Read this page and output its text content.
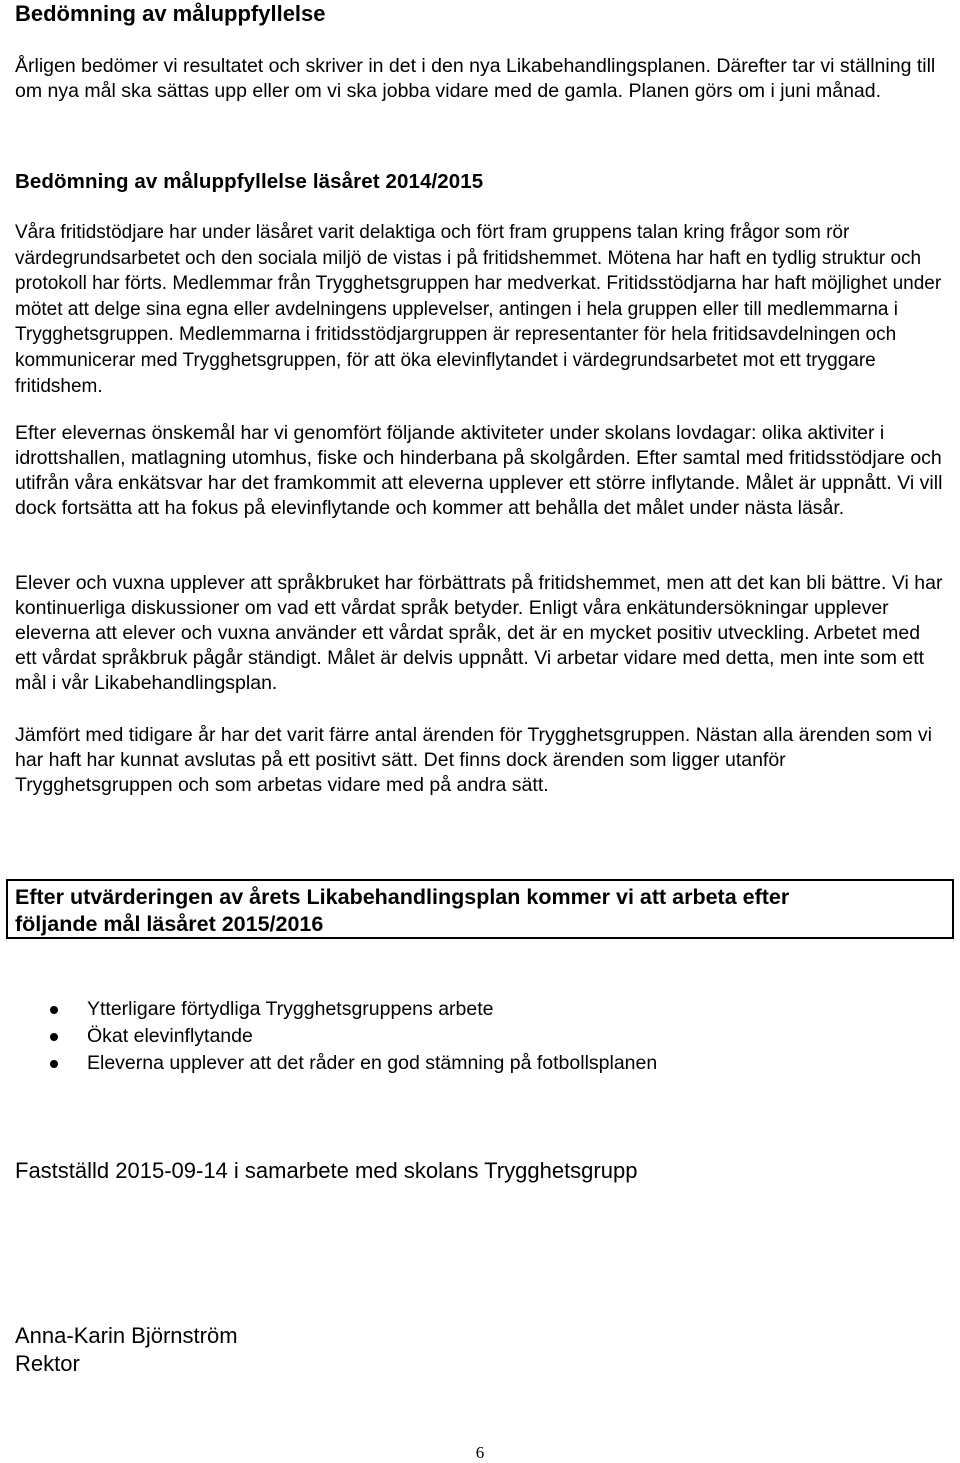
Bedömning av måluppfyllelse

Årligen bedömer vi resultatet och skriver in det i den nya Likabehandlingsplanen. Därefter tar vi ställning till om nya mål ska sättas upp eller om vi ska jobba vidare med de gamla. Planen görs om i juni månad.

Bedömning av måluppfyllelse läsåret 2014/2015

Våra fritidstödjare har under läsåret varit delaktiga och fört fram gruppens talan kring frågor som rör värdegrundsarbetet och den sociala miljö de vistas i på fritidshemmet. Mötena har haft en tydlig struktur och protokoll har förts. Medlemmar från Trygghetsgruppen har medverkat. Fritidsstödjarna har haft möjlighet under mötet att delge sina egna eller avdelningens upplevelser, antingen i hela gruppen eller till medlemmarna i Trygghetsgruppen. Medlemmarna i fritidsstödjargruppen är representanter för hela fritidsavdelningen och kommunicerar med Trygghetsgruppen, för att öka elevinflytandet i värdegrundsarbetet mot ett tryggare fritidshem.

Efter elevernas önskemål har vi genomfört följande aktiviteter under skolans lovdagar: olika aktiviter i idrottshallen, matlagning utomhus, fiske och hinderbana på skolgården. Efter samtal med fritidsstödjare och utifrån våra enkätsvar har det framkommit att eleverna upplever ett större inflytande. Målet är uppnått. Vi vill dock fortsätta att ha fokus på elevinflytande och kommer att behålla det målet under nästa läsår.

Elever och vuxna upplever att språkbruket har förbättrats på fritidshemmet, men att det kan bli bättre. Vi har kontinuerliga diskussioner om vad ett vårdat språk betyder. Enligt våra enkätundersökningar upplever eleverna att elever och vuxna använder ett vårdat språk, det är en mycket positiv utveckling. Arbetet med ett vårdat språkbruk pågår ständigt. Målet är delvis uppnått. Vi arbetar vidare med detta, men inte som ett mål i vår Likabehandlingsplan.

Jämfört med tidigare år har det varit färre antal ärenden för Trygghetsgruppen. Nästan alla ärenden som vi har haft har kunnat avslutas på ett positivt sätt. Det finns dock ärenden som ligger utanför Trygghetsgruppen och som arbetas vidare med på andra sätt.

Efter utvärderingen av årets Likabehandlingsplan kommer vi att arbeta efter
följande mål läsåret 2015/2016
Ytterligare förtydliga Trygghetsgruppens arbete
Ökat elevinflytande
Eleverna upplever att det råder en god stämning på fotbollsplanen
Fastställd 2015-09-14 i samarbete med skolans Trygghetsgrupp
Anna-Karin Björnström
Rektor
6
